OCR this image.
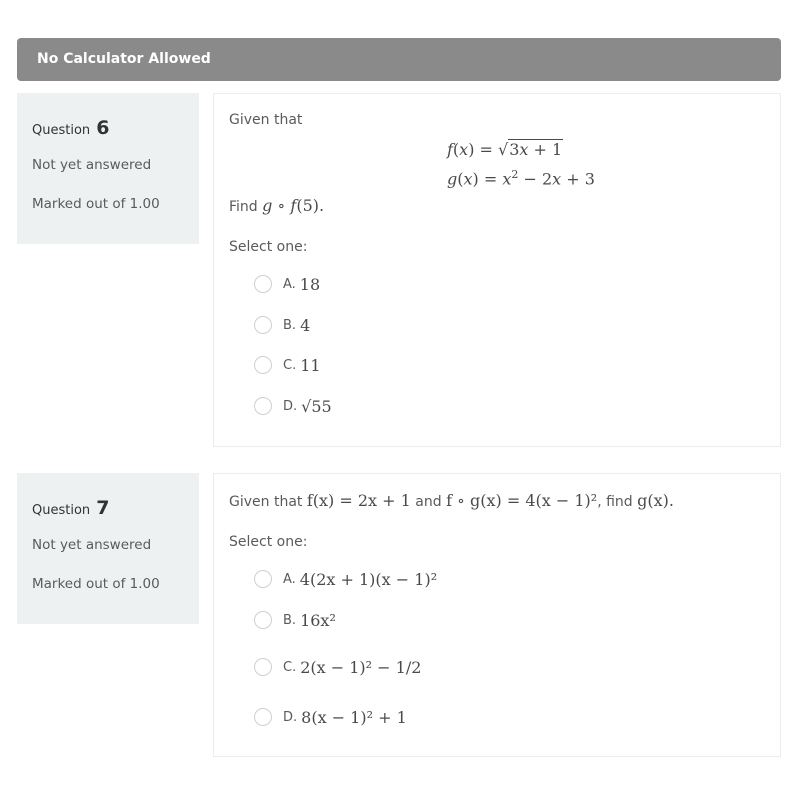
No Calculator Allowed
Question 6
Not yet answered
Marked out of 1.00
Given that
f(x) = √3x + 1
$g(x) = x^2 - 2x + 3$
Find g ∘ f(5).
Select one:
A. 18
B. 4
C. 11
D. √55
Question 7
Not yet answered
Marked out of 1.00
Given that f(x) = 2x + 1 and f ∘ g(x) = 4(x − 1)², find g(x).
Select one:
A. 4(2x + 1)(x − 1)²
B. 16x²
C. 2(x − 1)² − 1/2
D. 8(x − 1)² + 1
